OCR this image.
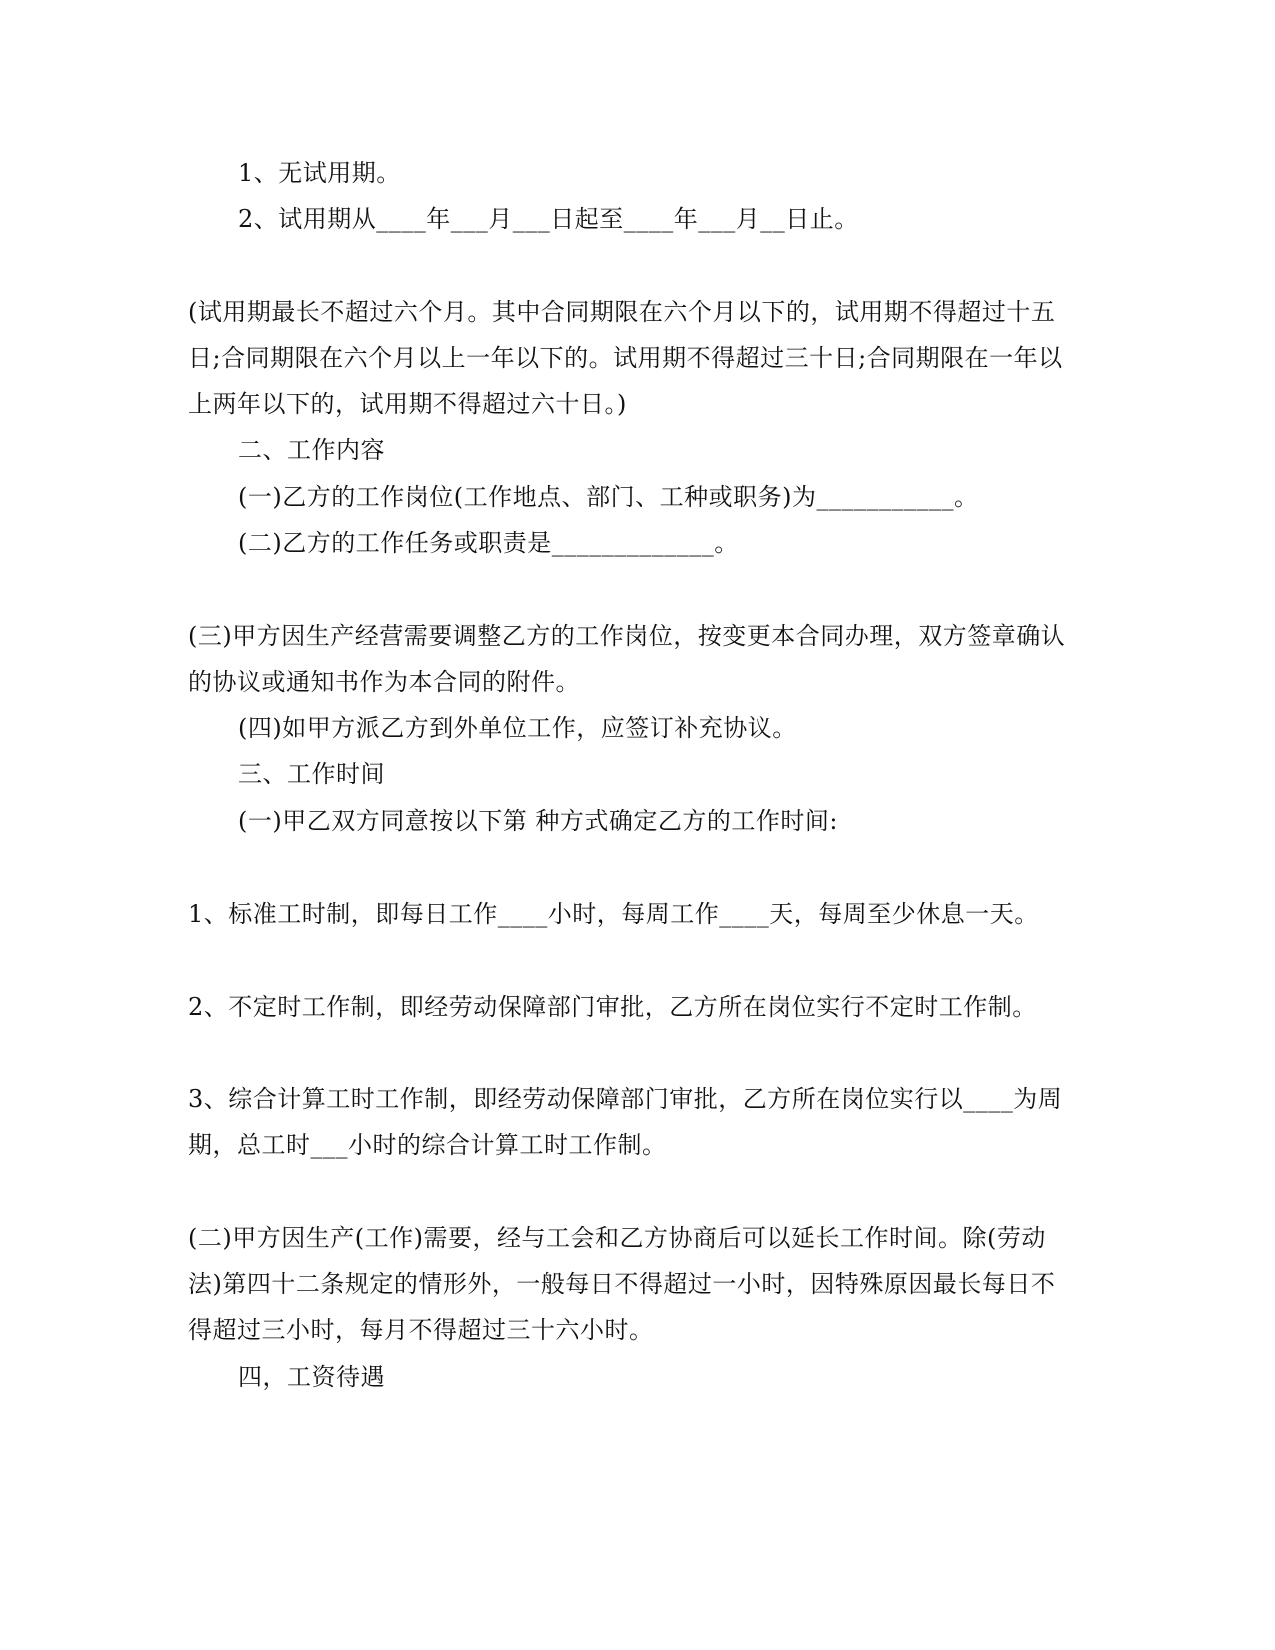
1、无试用期。

2、试用期从____年___月___日起至____年___月__日止。

(试用期最长不超过六个月。其中合同期限在六个月以下的，试用期不得超过十五

日;合同期限在六个月以上一年以下的。试用期不得超过三十日;合同期限在一年以

上两年以下的，试用期不得超过六十日。)

二、工作内容

(一)乙方的工作岗位(工作地点、部门、工种或职务)为___________。

(二)乙方的工作任务或职责是_____________。

(三)甲方因生产经营需要调整乙方的工作岗位，按变更本合同办理，双方签章确认

的协议或通知书作为本合同的附件。

(四)如甲方派乙方到外单位工作，应签订补充协议。

三、工作时间

(一)甲乙双方同意按以下第 种方式确定乙方的工作时间:

1、标准工时制，即每日工作____小时，每周工作____天，每周至少休息一天。

2、不定时工作制，即经劳动保障部门审批，乙方所在岗位实行不定时工作制。

3、综合计算工时工作制，即经劳动保障部门审批，乙方所在岗位实行以____为周

期，总工时___小时的综合计算工时工作制。

(二)甲方因生产(工作)需要，经与工会和乙方协商后可以延长工作时间。除(劳动

法)第四十二条规定的情形外，一般每日不得超过一小时，因特殊原因最长每日不

得超过三小时，每月不得超过三十六小时。

四，工资待遇
